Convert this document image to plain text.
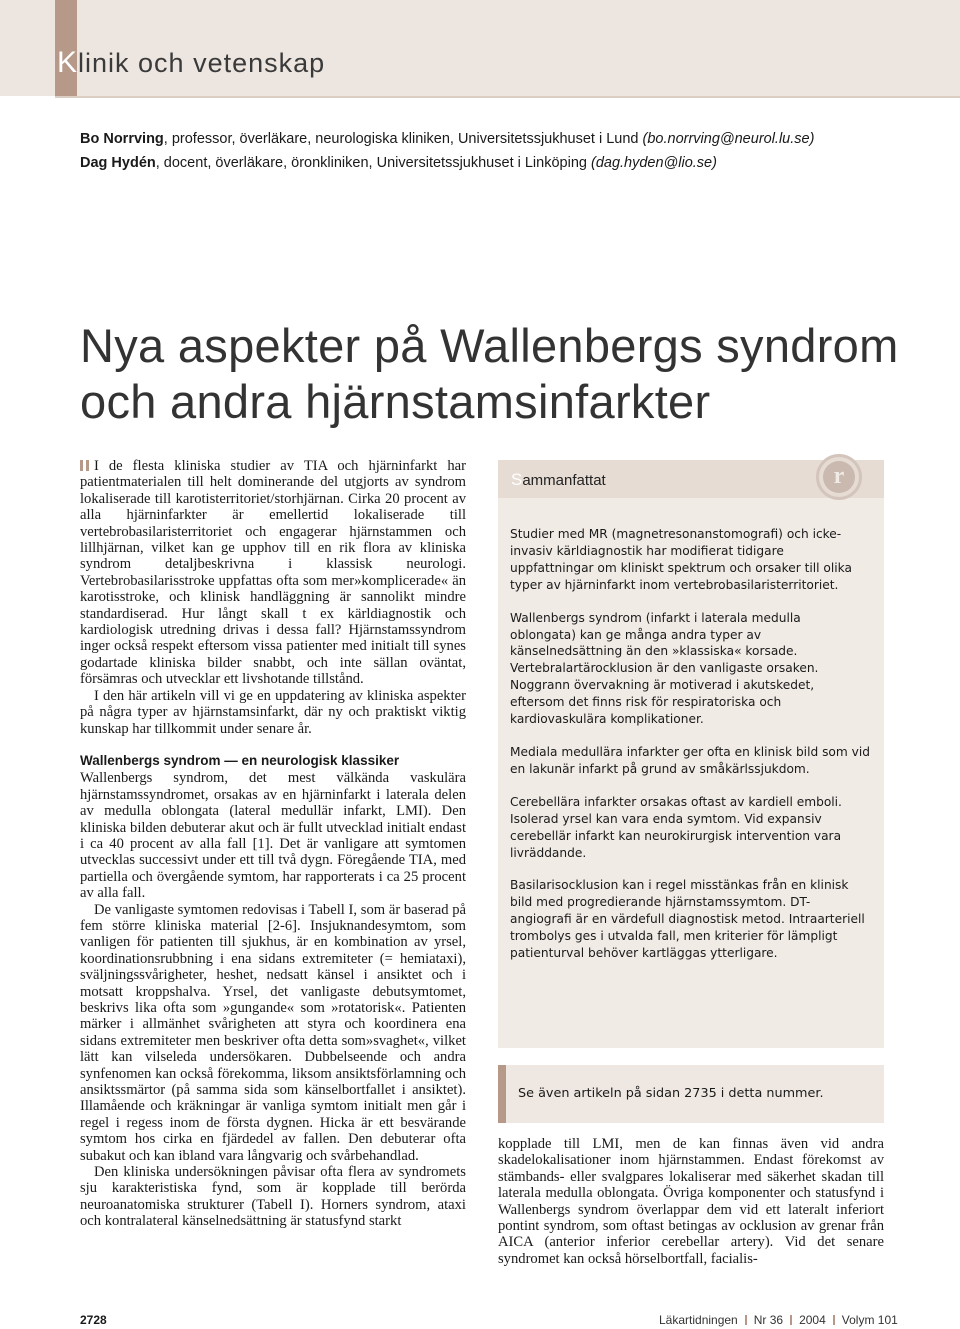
Klinik och vetenskap
Bo Norrving, professor, överläkare, neurologiska kliniken, Universitetssjukhuset i Lund (bo.norrving@neurol.lu.se)
Dag Hydén, docent, överläkare, öronkliniken, Universitetssjukhuset i Linköping (dag.hyden@lio.se)
Nya aspekter på Wallenbergs syndrom
och andra hjärnstamsinfarkter

I de flesta kliniska studier av TIA och hjärninfarkt har patientmaterialen till helt dominerande del utgjorts av syndrom lokaliserade till karotisterritoriet/storhjärnan. Cirka 20 procent av alla hjärninfarkter är emellertid lokaliserade till vertebrobasilaristerritoriet och engagerar hjärnstammen och lillhjärnan, vilket kan ge upphov till en rik flora av kliniska syndrom detaljbeskrivna i klassisk neurologi. Vertebrobasilarisstroke uppfattas ofta som mer»komplicerade« än karotisstroke, och klinisk handläggning är sannolikt mindre standardiserad. Hur långt skall t ex kärldiagnostik och kardiologisk utredning drivas i dessa fall? Hjärnstamssyndrom inger också respekt eftersom vissa patienter med initialt till synes godartade kliniska bilder snabbt, och inte sällan oväntat, försämras och utvecklar ett livshotande tillstånd.

I den här artikeln vill vi ge en uppdatering av kliniska aspekter på några typer av hjärnstamsinfarkt, där ny och praktiskt viktig kunskap har tillkommit under senare år.

Wallenbergs syndrom — en neurologisk klassiker

Wallenbergs syndrom, det mest välkända vaskulära hjärnstamssyndromet, orsakas av en hjärninfarkt i laterala delen av medulla oblongata (lateral medullär infarkt, LMI). Den kliniska bilden debuterar akut och är fullt utvecklad initialt endast i ca 40 procent av alla fall [1]. Det är vanligare att symtomen utvecklas successivt under ett till två dygn. Föregående TIA, med partiella och övergående symtom, har rapporterats i ca 25 procent av alla fall.

De vanligaste symtomen redovisas i Tabell I, som är baserad på fem större kliniska material [2-6]. Insjuknandesymtom, som vanligen för patienten till sjukhus, är en kombination av yrsel, koordinationsrubbning i ena sidans extremiteter (= hemiataxi), sväljningssvårigheter, heshet, nedsatt känsel i ansiktet och i motsatt kroppshalva. Yrsel, det vanligaste debutsymtomet, beskrivs lika ofta som »gungande« som »rotatorisk«. Patienten märker i allmänhet svårigheten att styra och koordinera ena sidans extremiteter men beskriver ofta detta som»svaghet«, vilket lätt kan vilseleda undersökaren. Dubbelseende och andra synfenomen kan också förekomma, liksom ansiktsförlamning och ansiktssmärtor (på samma sida som känselbortfallet i ansiktet). Illamående och kräkningar är vanliga symtom initialt men går i regel i regess inom de första dygnen. Hicka är ett besvärande symtom hos cirka en fjärdedel av fallen. Den debuterar ofta subakut och kan ibland vara långvarig och svårbehandlad.

Den kliniska undersökningen påvisar ofta flera av syndromets sju karakteristiska fynd, som är kopplade till berörda neuroanatomiska strukturer (Tabell I). Horners syndrom, ataxi och kontralateral känselnedsättning är statusfynd starkt

Sammanfattat	r

Studier med MR (magnetresonanstomografi) och icke-invasiv kärldiagnostik har modifierat tidigare uppfattningar om kliniskt spektrum och orsaker till olika typer av hjärninfarkt inom vertebrobasilaristerritoriet.

Wallenbergs syndrom (infarkt i laterala medulla oblongata) kan ge många andra typer av känselnedsättning än den »klassiska« korsade. Vertebralartärocklusion är den vanligaste orsaken. Noggrann övervakning är motiverad i akutskedet, eftersom det finns risk för respiratoriska och kardiovaskulära komplikationer.

Mediala medullära infarkter ger ofta en klinisk bild som vid en lakunär infarkt på grund av småkärlssjukdom.

Cerebellära infarkter orsakas oftast av kardiell emboli. Isolerad yrsel kan vara enda symtom. Vid expansiv cerebellär infarkt kan neurokirurgisk intervention vara livräddande.

Basilarisocklusion kan i regel misstänkas från en klinisk bild med progredierande hjärnstamssymtom. DT-angiografi är en värdefull diagnostisk metod. Intraarteriell trombolys ges i utvalda fall, men kriterier för lämpligt patienturval behöver kartläggas ytterligare.

Se även artikeln på sidan 2735 i detta nummer.

kopplade till LMI, men de kan finnas även vid andra skadelokalisationer inom hjärnstammen. Endast förekomst av stämbands- eller svalgpares lokaliserar med säkerhet skadan till laterala medulla oblongata. Övriga komponenter och statusfynd i Wallenbergs syndrom överlappar dem vid ett lateralt inferiort pontint syndrom, som oftast betingas av ocklusion av grenar från AICA (anterior inferior cerebellar artery). Vid det senare syndromet kan också hörselbortfall, facialis-

2728	Läkartidningen Nr 36 2004 Volym 101
